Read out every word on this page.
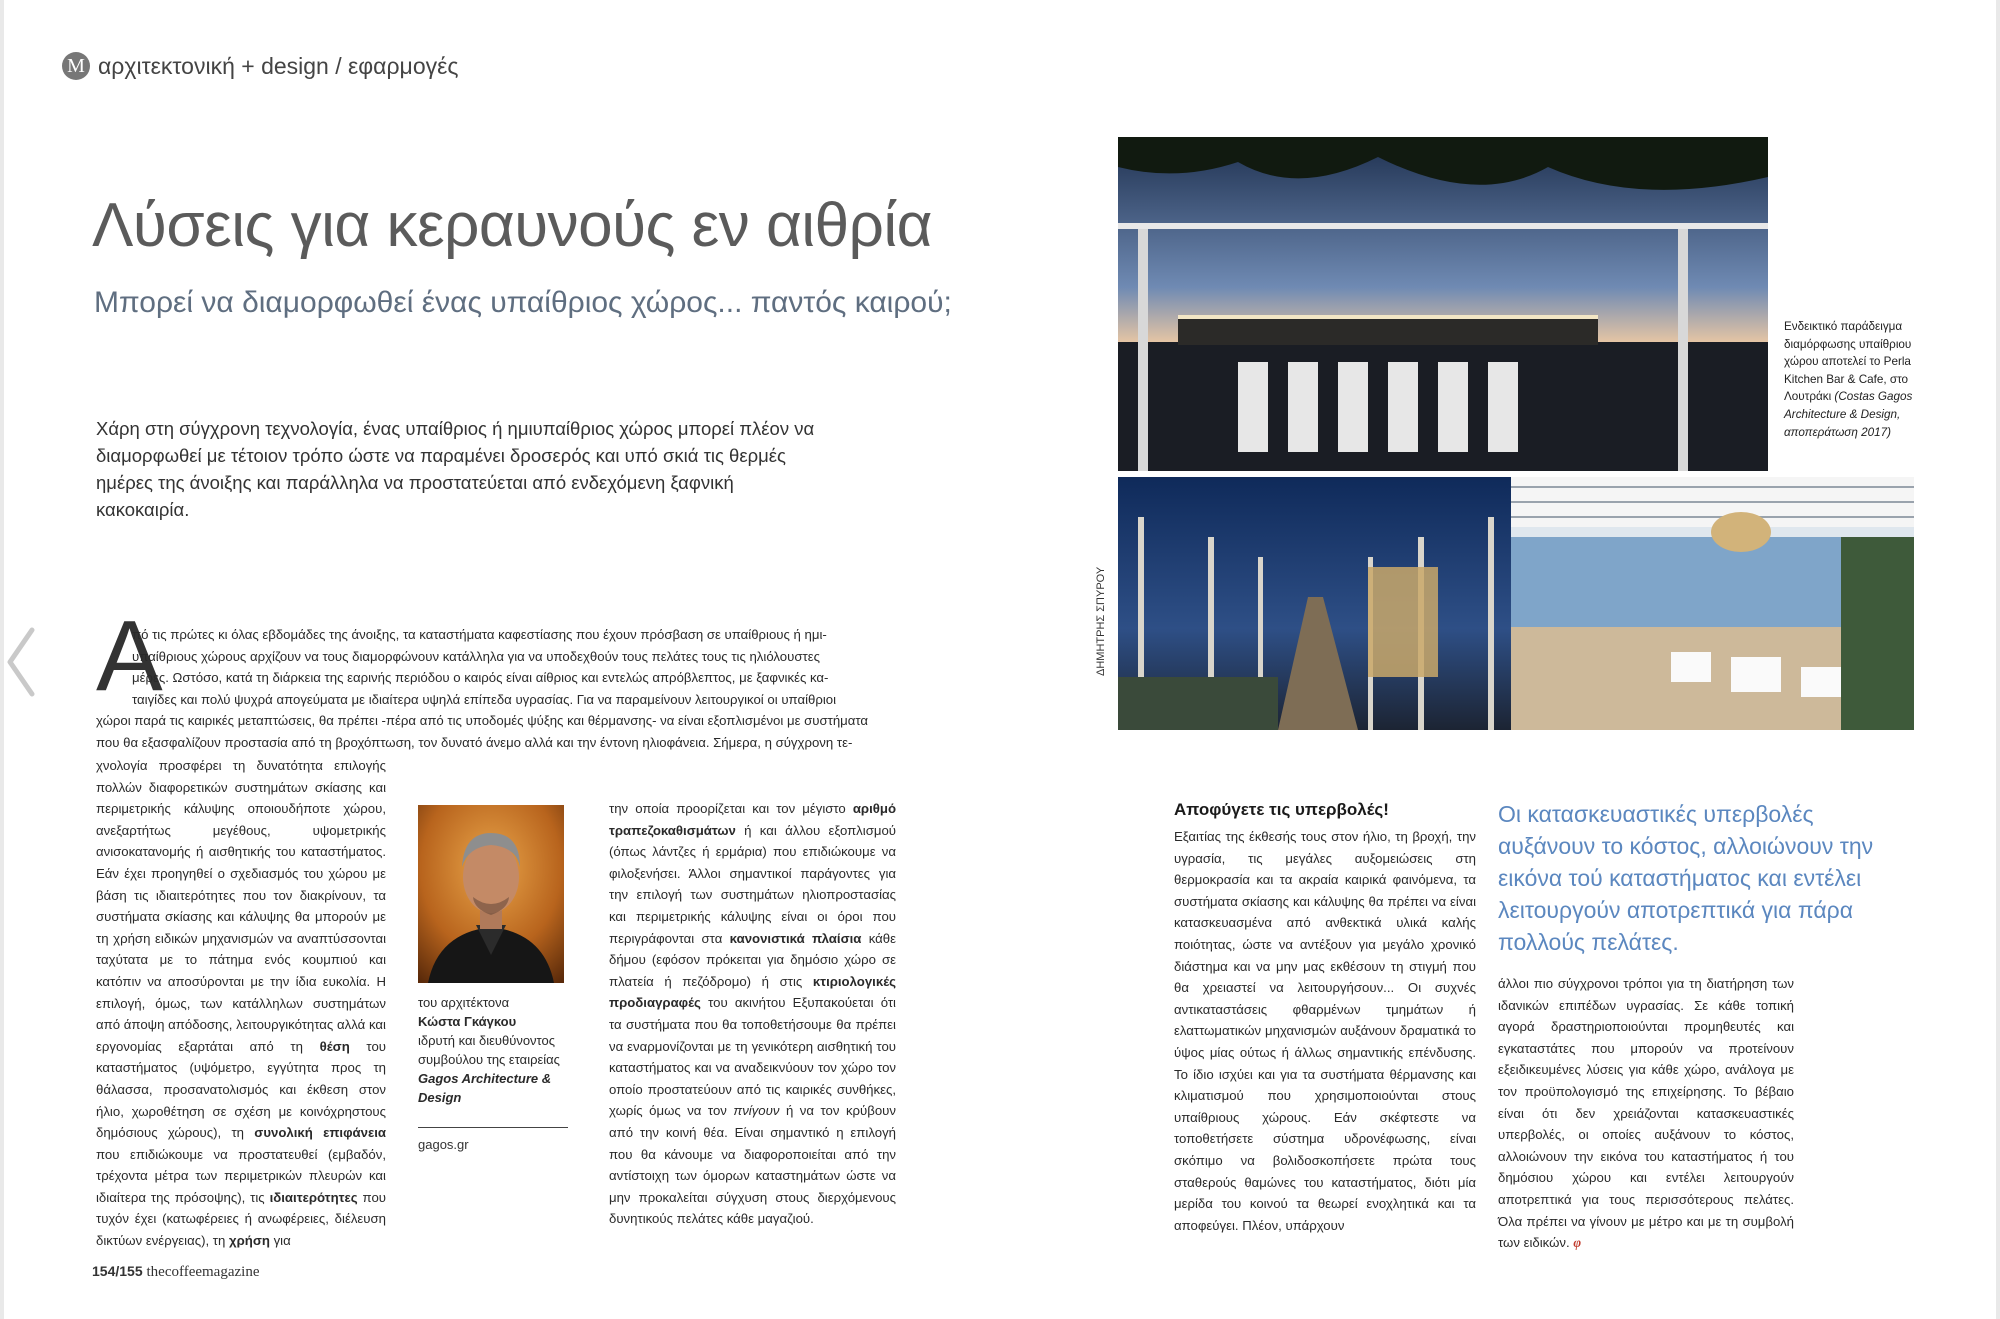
M αρχιτεκτονική + design / εφαρμογές
Λύσεις για κεραυνούς εν αιθρία
Μπορεί να διαμορφωθεί ένας υπαίθριος χώρος... παντός καιρού;
Χάρη στη σύγχρονη τεχνολογία, ένας υπαίθριος ή ημιυπαίθριος χώρος μπορεί πλέον να διαμορφωθεί με τέτοιον τρόπο ώστε να παραμένει δροσερός και υπό σκιά τις θερμές ημέρες της άνοιξης και παράλληλα να προστατεύεται από ενδεχόμενη ξαφνική κακοκαιρία.
Α
πό τις πρώτες κι όλας εβδομάδες της άνοιξης, τα καταστήματα καφεστίασης που έχουν πρόσβαση σε υπαίθριους ή ημι-
υπαίθριους χώρους αρχίζουν να τους διαμορφώνουν κατάλληλα για να υποδεχθούν τους πελάτες τους τις ηλιόλουστες
μέρες. Ωστόσο, κατά τη διάρκεια της εαρινής περιόδου ο καιρός είναι αίθριος και εντελώς απρόβλεπτος, με ξαφνικές κα-
ταιγίδες και πολύ ψυχρά απογεύματα με ιδιαίτερα υψηλά επίπεδα υγρασίας. Για να παραμείνουν λειτουργικοί οι υπαίθριοι
χώροι παρά τις καιρικές μεταπτώσεις, θα πρέπει -πέρα από τις υποδομές ψύξης και θέρμανσης- να είναι εξοπλισμένοι με συστήματα
που θα εξασφαλίζουν προστασία από τη βροχόπτωση, τον δυνατό άνεμο αλλά και την έντονη ηλιοφάνεια. Σήμερα, η σύγχρονη τε-
χνολογία προσφέρει τη δυνατότητα επιλογής πολλών διαφορετικών συστημάτων σκίασης και περιμετρικής κάλυψης οποιουδήποτε χώρου, ανεξαρτήτως μεγέθους, υψομετρικής ανισοκατανομής ή αισθητικής του καταστήματος. Εάν έχει προηγηθεί ο σχεδιασμός του χώρου με βάση τις ιδιαιτερότητες που τον διακρίνουν, τα συστήματα σκίασης και κάλυψης θα μπορούν με τη χρήση ειδικών μηχανισμών να αναπτύσσονται ταχύτατα με το πάτημα ενός κουμπιού και κατόπιν να αποσύρονται με την ίδια ευκολία. Η επιλογή, όμως, των κατάλληλων συστημάτων από άποψη απόδοσης, λειτουργικότητας αλλά και εργονομίας εξαρτάται από τη θέση του καταστήματος (υψόμετρο, εγγύτητα προς τη θάλασσα, προσανατολισμός και έκθεση στον ήλιο, χωροθέτηση σε σχέση με κοινόχρηστους δημόσιους χώρους), τη συνολική επιφάνεια που επιδιώκουμε να προστατευθεί (εμβαδόν, τρέχοντα μέτρα των περιμετρικών πλευρών και ιδιαίτερα της πρόσοψης), τις ιδιαιτερότητες που τυχόν έχει (κατωφέρειες ή ανωφέρειες, διέλευση δικτύων ενέργειας), τη χρήση για
του αρχιτέκτονα
Κώστα Γκάγκου
ιδρυτή και διευθύνοντος συμβούλου της εταιρείας
Gagos Architecture & Design
gagos.gr
την οποία προορίζεται και τον μέγιστο αριθμό τραπεζοκαθισμάτων ή και άλλου εξοπλισμού (όπως λάντζες ή ερμάρια) που επιδιώκουμε να φιλοξενήσει. Άλλοι σημαντικοί παράγοντες για την επιλογή των συστημάτων ηλιοπροστασίας και περιμετρικής κάλυψης είναι οι όροι που περιγράφονται στα κανονιστικά πλαίσια κάθε δήμου (εφόσον πρόκειται για δημόσιο χώρο σε πλατεία ή πεζόδρομο) ή στις κτιριολογικές προδιαγραφές του ακινήτου Εξυπακούεται ότι τα συστήματα που θα τοποθετήσουμε θα πρέπει να εναρμονίζονται με τη γενικότερη αισθητική του καταστήματος και να αναδεικνύουν τον χώρο τον οποίο προστατεύουν από τις καιρικές συνθήκες, χωρίς όμως να τον πνίγουν ή να τον κρύβουν από την κοινή θέα. Είναι σημαντικό η επιλογή που θα κάνουμε να διαφοροποιείται από την αντίστοιχη των όμορων καταστημάτων ώστε να μην προκαλείται σύγχυση στους διερχόμενους δυνητικούς πελάτες κάθε μαγαζιού.
154/155 thecoffeemagazine
Ενδεικτικό παράδειγμα διαμόρφωσης υπαίθριου χώρου αποτελεί το Perla Kitchen Bar & Cafe, στο Λουτράκι (Costas Gagos Architecture & Design, αποπεράτωση 2017)
ΔΗΜΗΤΡΗΣ ΣΠΥΡΟΥ
Αποφύγετε τις υπερβολές!
Εξαιτίας της έκθεσής τους στον ήλιο, τη βροχή, την υγρασία, τις μεγάλες αυξομειώσεις στη θερμοκρασία και τα ακραία καιρικά φαινόμενα, τα συστήματα σκίασης και κάλυψης θα πρέπει να είναι κατασκευασμένα από ανθεκτικά υλικά καλής ποιότητας, ώστε να αντέξουν για μεγάλο χρονικό διάστημα και να μην μας εκθέσουν τη στιγμή που θα χρειαστεί να λειτουργήσουν... Οι συχνές αντικαταστάσεις φθαρμένων τμημάτων ή ελαττωματικών μηχανισμών αυξάνουν δραματικά το ύψος μίας ούτως ή άλλως σημαντικής επένδυσης. Το ίδιο ισχύει και για τα συστήματα θέρμανσης και κλιματισμού που χρησιμοποιούνται στους υπαίθριους χώρους. Εάν σκέφτεστε να τοποθετήσετε σύστημα υδρονέφωσης, είναι σκόπιμο να βολιδοσκοπήσετε πρώτα τους σταθερούς θαμώνες του καταστήματος, διότι μία μερίδα του κοινού τα θεωρεί ενοχλητικά και τα αποφεύγει. Πλέον, υπάρχουν
Οι κατασκευαστικές υπερβολές αυξάνουν το κόστος, αλλοιώνουν την εικόνα τού καταστήματος και εντέλει λειτουργούν αποτρεπτικά για πάρα πολλούς πελάτες.
άλλοι πιο σύγχρονοι τρόποι για τη διατήρηση των ιδανικών επιπέδων υγρασίας. Σε κάθε τοπική αγορά δραστηριοποιούνται προμηθευτές και εγκαταστάτες που μπορούν να προτείνουν εξειδικευμένες λύσεις για κάθε χώρο, ανάλογα με τον προϋπολογισμό της επιχείρησης. Το βέβαιο είναι ότι δεν χρειάζονται κατασκευαστικές υπερβολές, οι οποίες αυξάνουν το κόστος, αλλοιώνουν την εικόνα του καταστήματος ή του δημόσιου χώρου και εντέλει λειτουργούν αποτρεπτικά για τους περισσότερους πελάτες. Όλα πρέπει να γίνουν με μέτρο και με τη συμβολή των ειδικών. φ
